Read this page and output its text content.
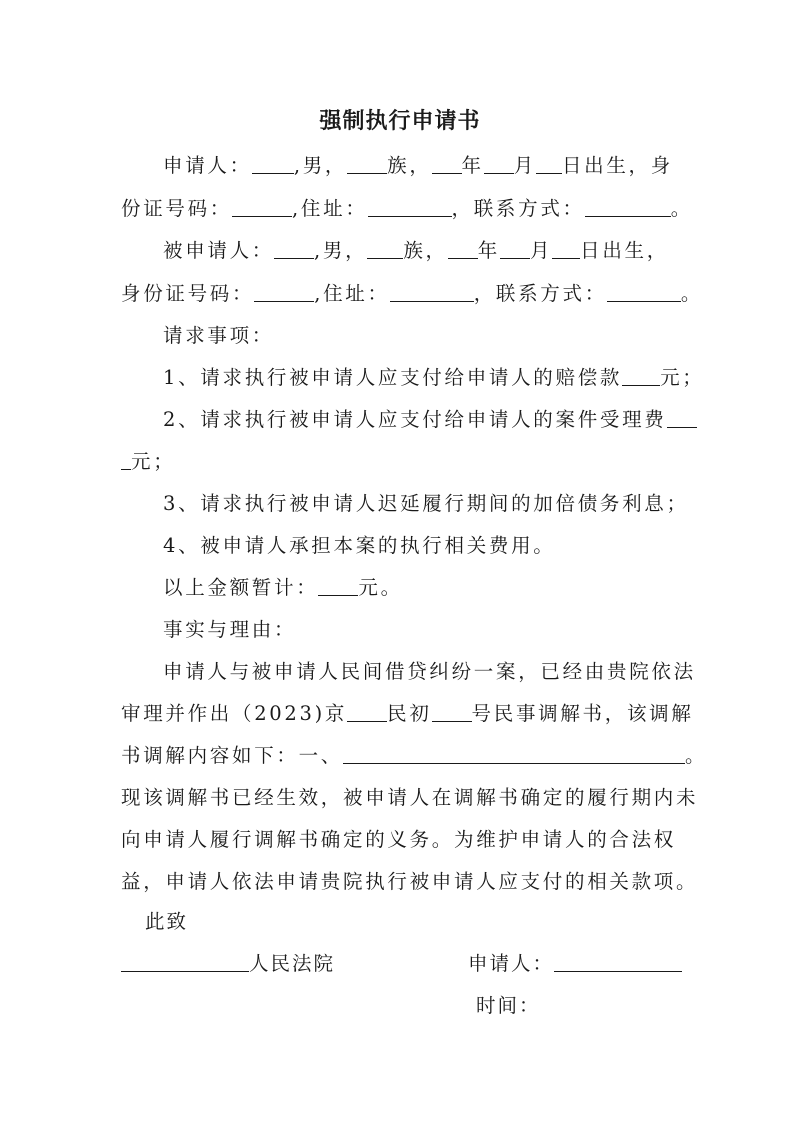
强制执行申请书
申请人： ,男， 族， 年 月 日出生，身
份证号码：	,住址：	，联系方式：	。
被申请人： ,男， 族， 年 月 日出生，
身份证号码：	,住址：	，联系方式：	。
请求事项：
1、请求执行被申请人应支付给申请人的赔偿款 元；
2、请求执行被申请人应支付给申请人的案件受理费
元；
3、请求执行被申请人迟延履行期间的加倍债务利息；
4、被申请人承担本案的执行相关费用。
以上金额暂计： 元。
事实与理由：
申请人与被申请人民间借贷纠纷一案，已经由贵院依法
审理并作出（2023)京 民初 号民事调解书，该调解
书调解内容如下：一、	。
现该调解书已经生效，被申请人在调解书确定的履行期内未
向申请人履行调解书确定的义务。为维护申请人的合法权
益，申请人依法申请贵院执行被申请人应支付的相关款项。
此致
人民法院	申请人：
时间：
